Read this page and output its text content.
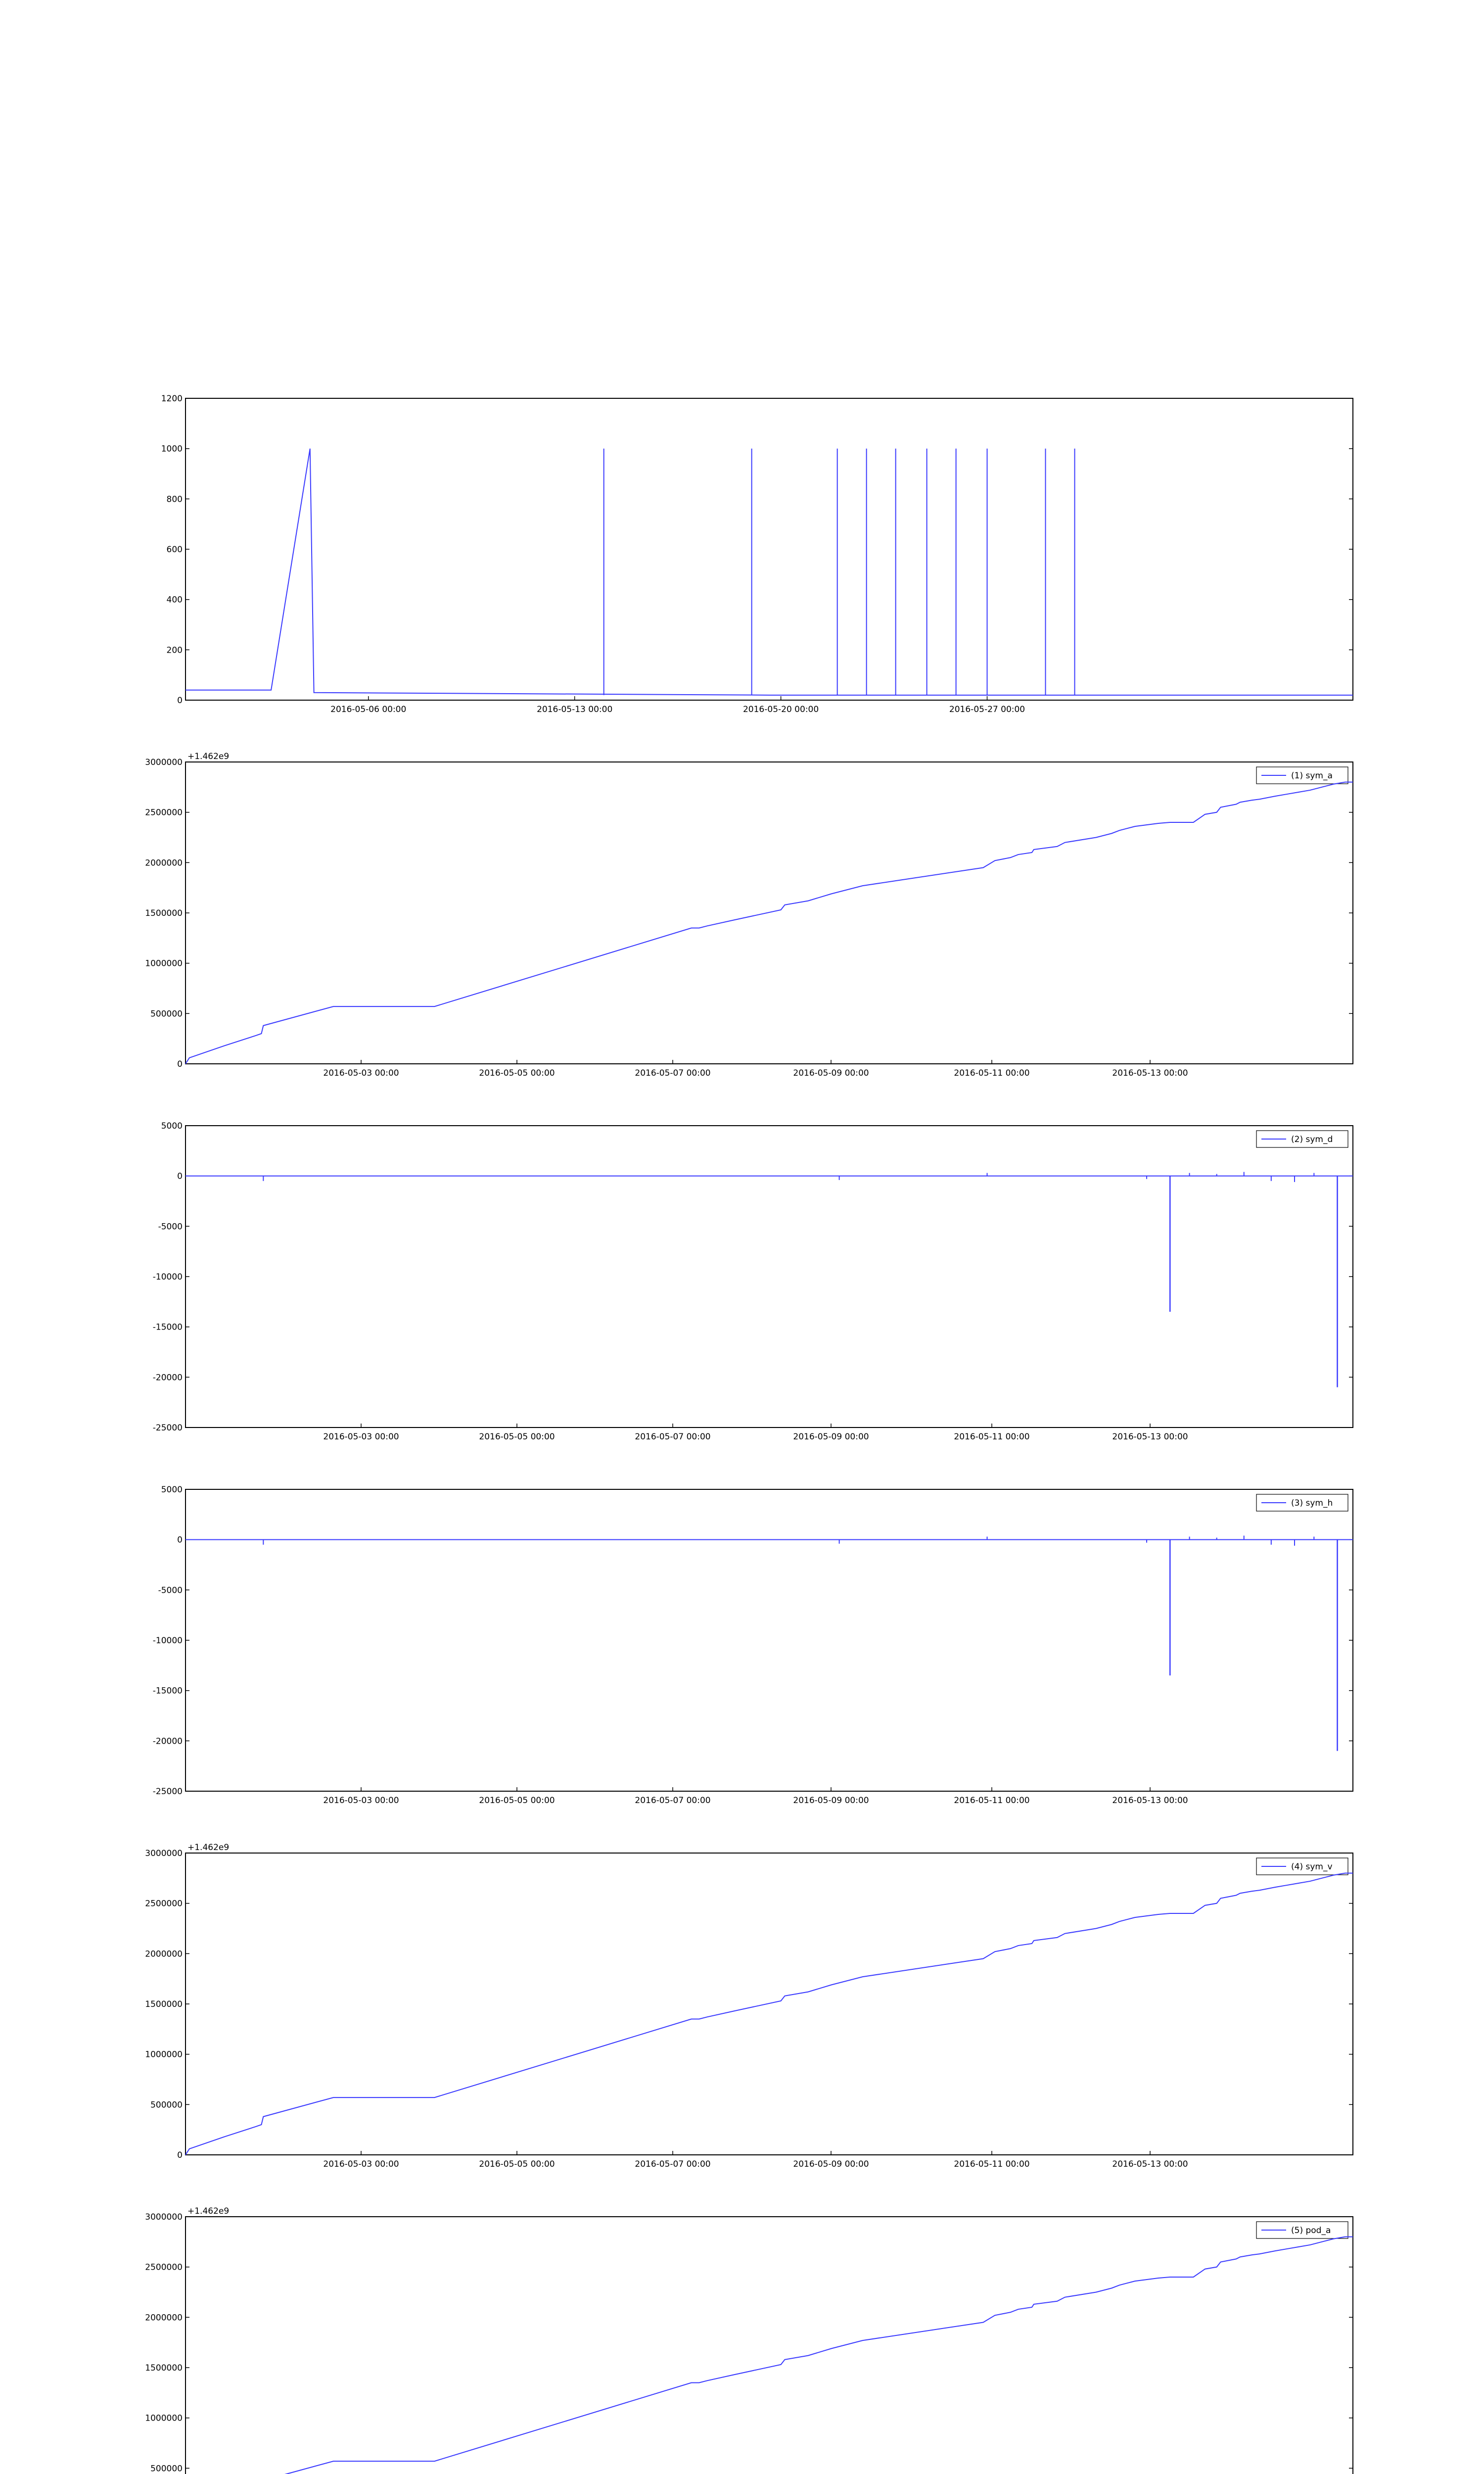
0
200
400
600
800
1000
1200
2016-05-06 00:00	2016-05-13 00:00	2016-05-20 00:00	2016-05-27 00:00
0
500000
1000000
1500000
2000000
2500000
3000000
2016-05-03 00:00	2016-05-05 00:00	2016-05-07 00:00	2016-05-09 00:00	2016-05-11 00:00	2016-05-13 00:00
(1) sym_a
+1.462e9
-25000
-20000
-15000
-10000
-5000
0
5000
2016-05-03 00:00	2016-05-05 00:00	2016-05-07 00:00	2016-05-09 00:00	2016-05-11 00:00	2016-05-13 00:00
(2) sym_d
-25000
-20000
-15000
-10000
-5000
0
5000
2016-05-03 00:00	2016-05-05 00:00	2016-05-07 00:00	2016-05-09 00:00	2016-05-11 00:00	2016-05-13 00:00
(3) sym_h
0
500000
1000000
1500000
2000000
2500000
3000000
2016-05-03 00:00	2016-05-05 00:00	2016-05-07 00:00	2016-05-09 00:00	2016-05-11 00:00	2016-05-13 00:00
(4) sym_v
+1.462e9
500000
1000000
1500000
2000000
2500000
3000000
(5) pod_a
+1.462e9
